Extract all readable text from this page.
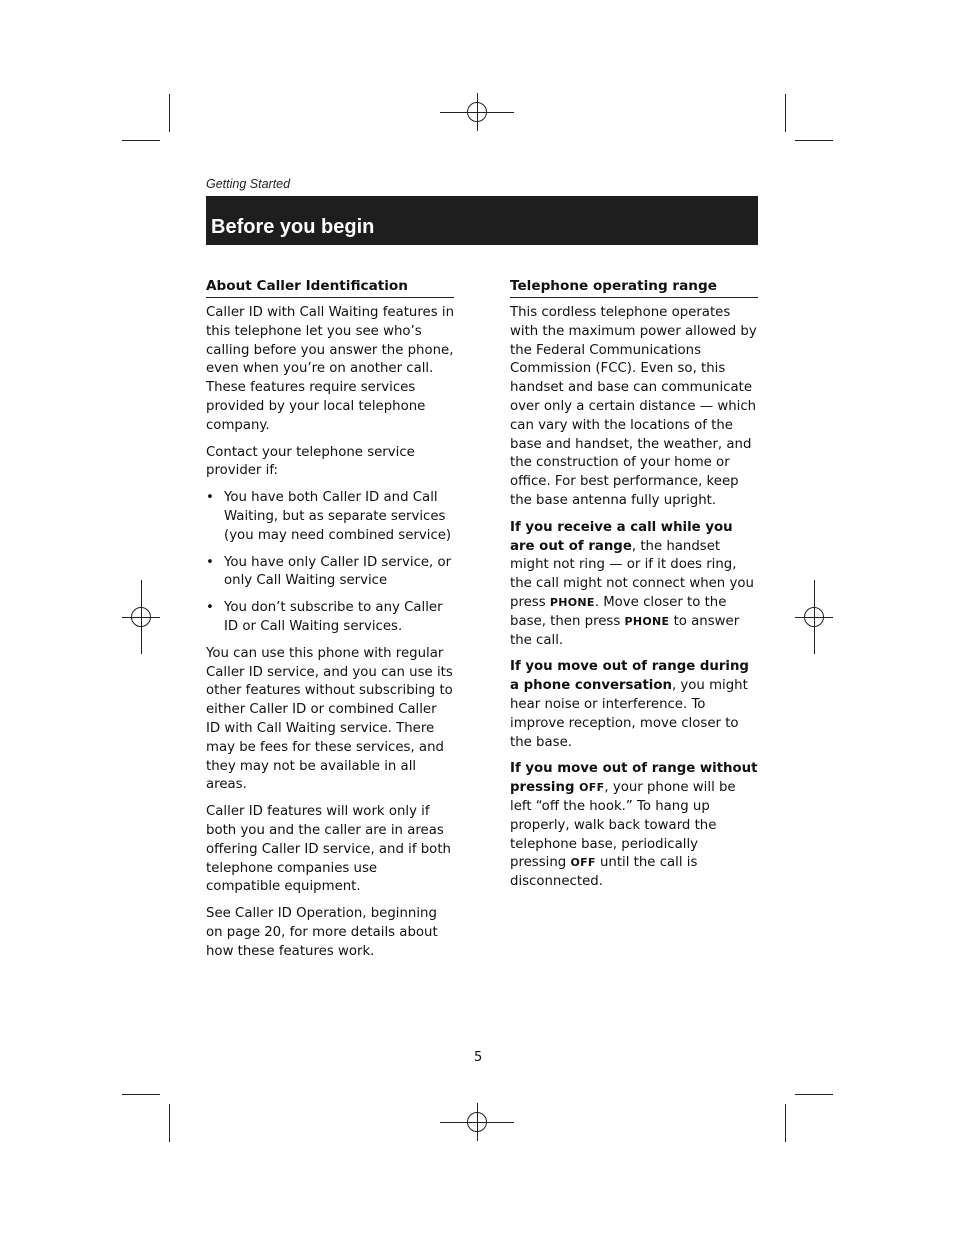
Getting Started
Before you begin
About Caller Identification

Caller ID with Call Waiting features in this telephone let you see who’s calling before you answer the phone, even when you’re on another call. These features require services provided by your local telephone company.

Contact your telephone service provider if:

• You have both Caller ID and Call Waiting, but as separate services (you may need combined service)
• You have only Caller ID service, or only Call Waiting service
• You don’t subscribe to any Caller ID or Call Waiting services.

You can use this phone with regular Caller ID service, and you can use its other features without subscribing to either Caller ID or combined Caller ID with Call Waiting service. There may be fees for these services, and they may not be available in all areas.

Caller ID features will work only if both you and the caller are in areas offering Caller ID service, and if both telephone companies use compatible equipment.

See Caller ID Operation, beginning on page 20, for more details about how these features work.

Telephone operating range

This cordless telephone operates with the maximum power allowed by the Federal Communications Commission (FCC). Even so, this handset and base can communicate over only a certain distance — which can vary with the locations of the base and handset, the weather, and the construction of your home or office. For best performance, keep the base antenna fully upright.

If you receive a call while you are out of range, the handset might not ring — or if it does ring, the call might not connect when you press PHONE. Move closer to the base, then press PHONE to answer the call.

If you move out of range during a phone conversation, you might hear noise or interference. To improve reception, move closer to the base.

If you move out of range without pressing OFF, your phone will be left “off the hook.” To hang up properly, walk back toward the telephone base, periodically pressing OFF until the call is disconnected.

5
